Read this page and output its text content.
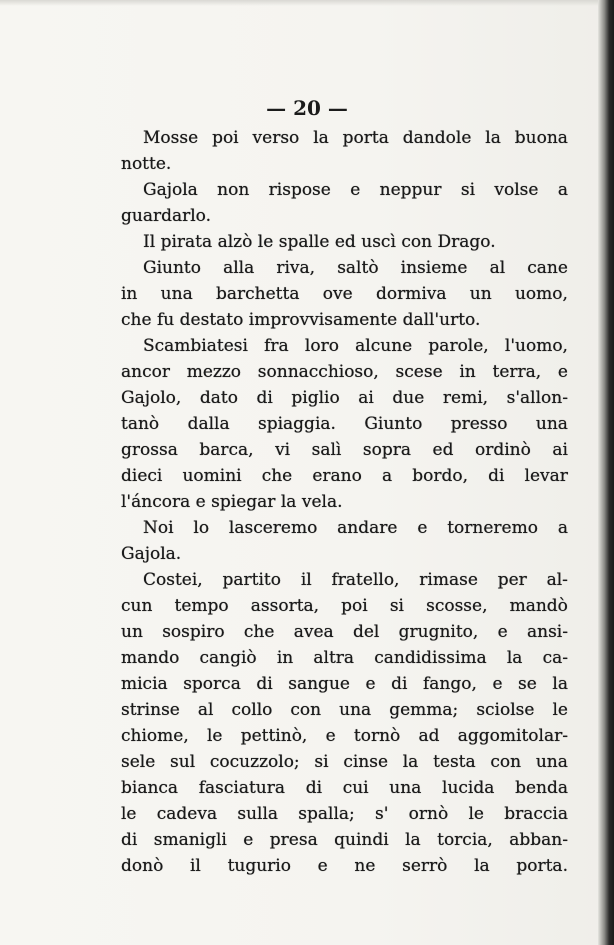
— 20 —
Mosse poi verso la porta dandole la buona
notte.
Gajola non rispose e neppur si volse a
guardarlo.
Il pirata alzò le spalle ed uscì con Drago.
Giunto alla riva, saltò insieme al cane
in una barchetta ove dormiva un uomo,
che fu destato improvvisamente dall'urto.
Scambiatesi fra loro alcune parole, l'uomo,
ancor mezzo sonnacchioso, scese in terra, e
Gajolo, dato di piglio ai due remi, s'allon-
tanò dalla spiaggia. Giunto presso una
grossa barca, vi salì sopra ed ordinò ai
dieci uomini che erano a bordo, di levar
l'áncora e spiegar la vela.
Noi lo lasceremo andare e torneremo a
Gajola.
Costei, partito il fratello, rimase per al-
cun tempo assorta, poi si scosse, mandò
un sospiro che avea del grugnito, e ansi-
mando cangiò in altra candidissima la ca-
micia sporca di sangue e di fango, e se la
strinse al collo con una gemma; sciolse le
chiome, le pettinò, e tornò ad aggomitolar-
sele sul cocuzzolo; si cinse la testa con una
bianca fasciatura di cui una lucida benda
le cadeva sulla spalla; s' ornò le braccia
di smanigli e presa quindi la torcia, abban-
donò il tugurio e ne serrò la porta.
